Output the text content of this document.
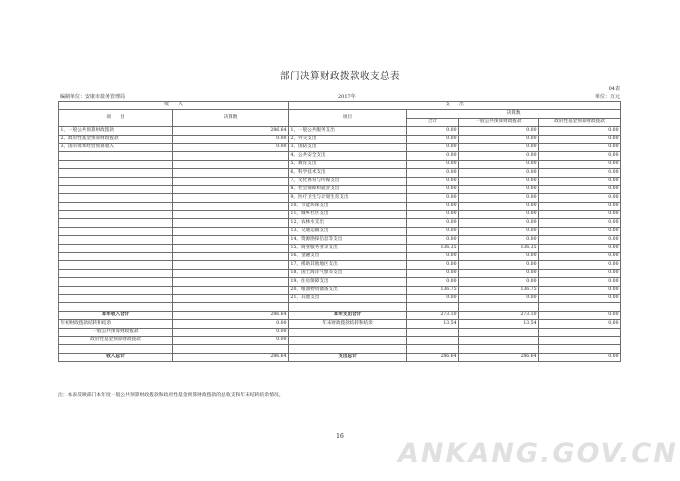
部门决算财政拨款收支总表
04表
编制单位：安康市盐务管理局	2017年	单位：万元
收　　入		支　　出			
项　　目	决算数	项目	决算数		
			合计	一般公共预算财政拨款	政府性基金预算财政拨款
1、一般公共预算财政拨款	286.64	1、一般公共服务支出	0.00	0.00	0.00
2、政府性基金预算财政拨款	0.00	2、外交支出	0.00	0.00	0.00
3、国有资本经营预算收入	0.00	3、国防支出	0.00	0.00	0.00
		4、公共安全支出	0.00	0.00	0.00
		5、教育支出	0.00	0.00	0.00
		6、科学技术支出	0.00	0.00	0.00
		7、文化体育与传媒支出	0.00	0.00	0.00
		8、社会保障和就业支出	0.00	0.00	0.00
		9、医疗卫生与计划生育支出	0.00	0.00	0.00
		10、节能环保支出	0.00	0.00	0.00
		11、城乡社区支出	0.00	0.00	0.00
		12、农林水支出	0.00	0.00	0.00
		13、交通运输支出	0.00	0.00	0.00
		14、资源勘探信息等支出	0.00	0.00	0.00
		15、商业服务业等支出	136.35	136.35	0.00
		16、金融支出	0.00	0.00	0.00
		17、援助其他地区支出	0.00	0.00	0.00
		18、国土海洋气象等支出	0.00	0.00	0.00
		19、住房保障支出	0.00	0.00	0.00
		20、粮油物资储备支出	136.75	136.75	0.00
		21、其他支出	0.00	0.00	0.00

本年收入合计	286.64	本年支出合计	273.10	273.10	0.00
年初财政拨款结转和结余	0.00	年末财政拨款结转和结余	13.54	13.54	0.00
一般公共预算财政拨款	0.00				
政府性基金预算财政拨款	0.00				

收入总计	286.64	支出总计	286.64	286.64	0.00
注：本表反映部门本年度一般公共预算财政拨款和政府性基金预算财政拨款的总收支和年末结转结余情况。
16
ANKANG.GOV.CN
